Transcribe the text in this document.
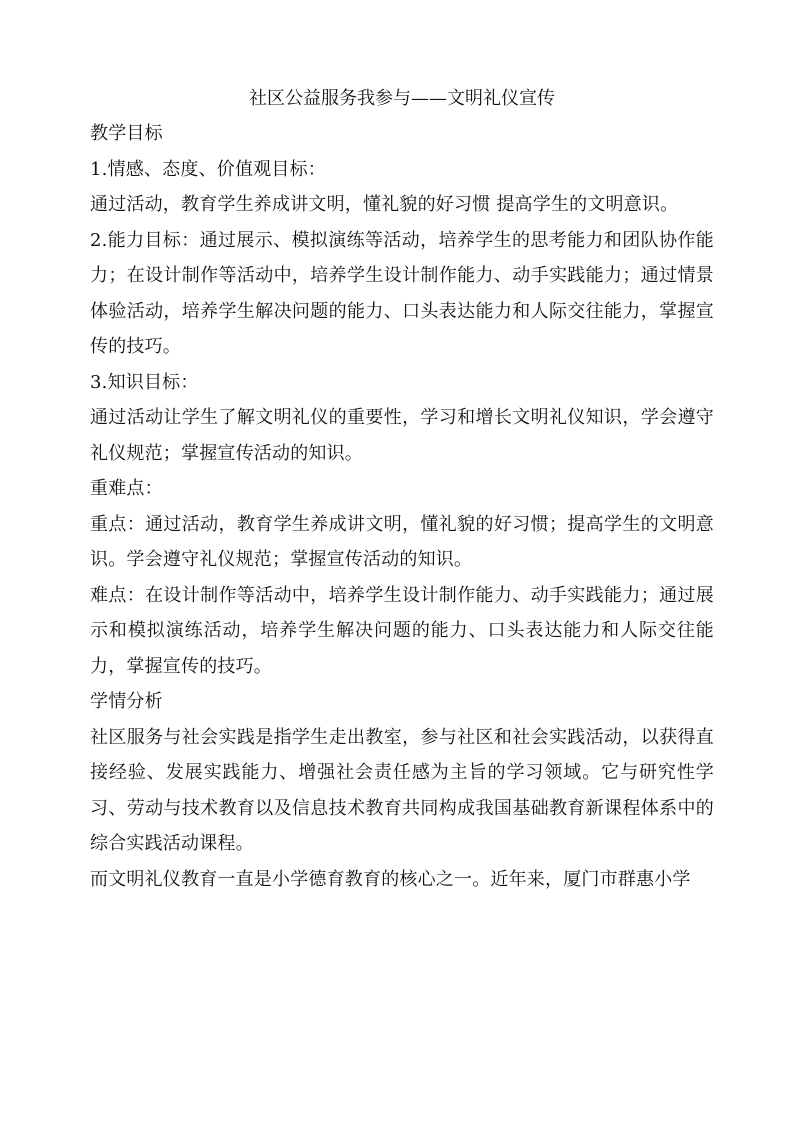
社区公益服务我参与——文明礼仪宣传

教学目标

1.情感、态度、价值观目标：

通过活动，教育学生养成讲文明，懂礼貌的好习惯 提高学生的文明意识。

2.能力目标：通过展示、模拟演练等活动，培养学生的思考能力和团队协作能力；在设计制作等活动中，培养学生设计制作能力、动手实践能力；通过情景体验活动，培养学生解决问题的能力、口头表达能力和人际交往能力，掌握宣传的技巧。

3.知识目标：

通过活动让学生了解文明礼仪的重要性，学习和增长文明礼仪知识，学会遵守礼仪规范；掌握宣传活动的知识。

重难点：

重点：通过活动，教育学生养成讲文明，懂礼貌的好习惯；提高学生的文明意识。学会遵守礼仪规范；掌握宣传活动的知识。

难点：在设计制作等活动中，培养学生设计制作能力、动手实践能力；通过展示和模拟演练活动，培养学生解决问题的能力、口头表达能力和人际交往能力，掌握宣传的技巧。

学情分析

社区服务与社会实践是指学生走出教室，参与社区和社会实践活动，以获得直接经验、发展实践能力、增强社会责任感为主旨的学习领域。它与研究性学习、劳动与技术教育以及信息技术教育共同构成我国基础教育新课程体系中的综合实践活动课程。

而文明礼仪教育一直是小学德育教育的核心之一。近年来，厦门市群惠小学
